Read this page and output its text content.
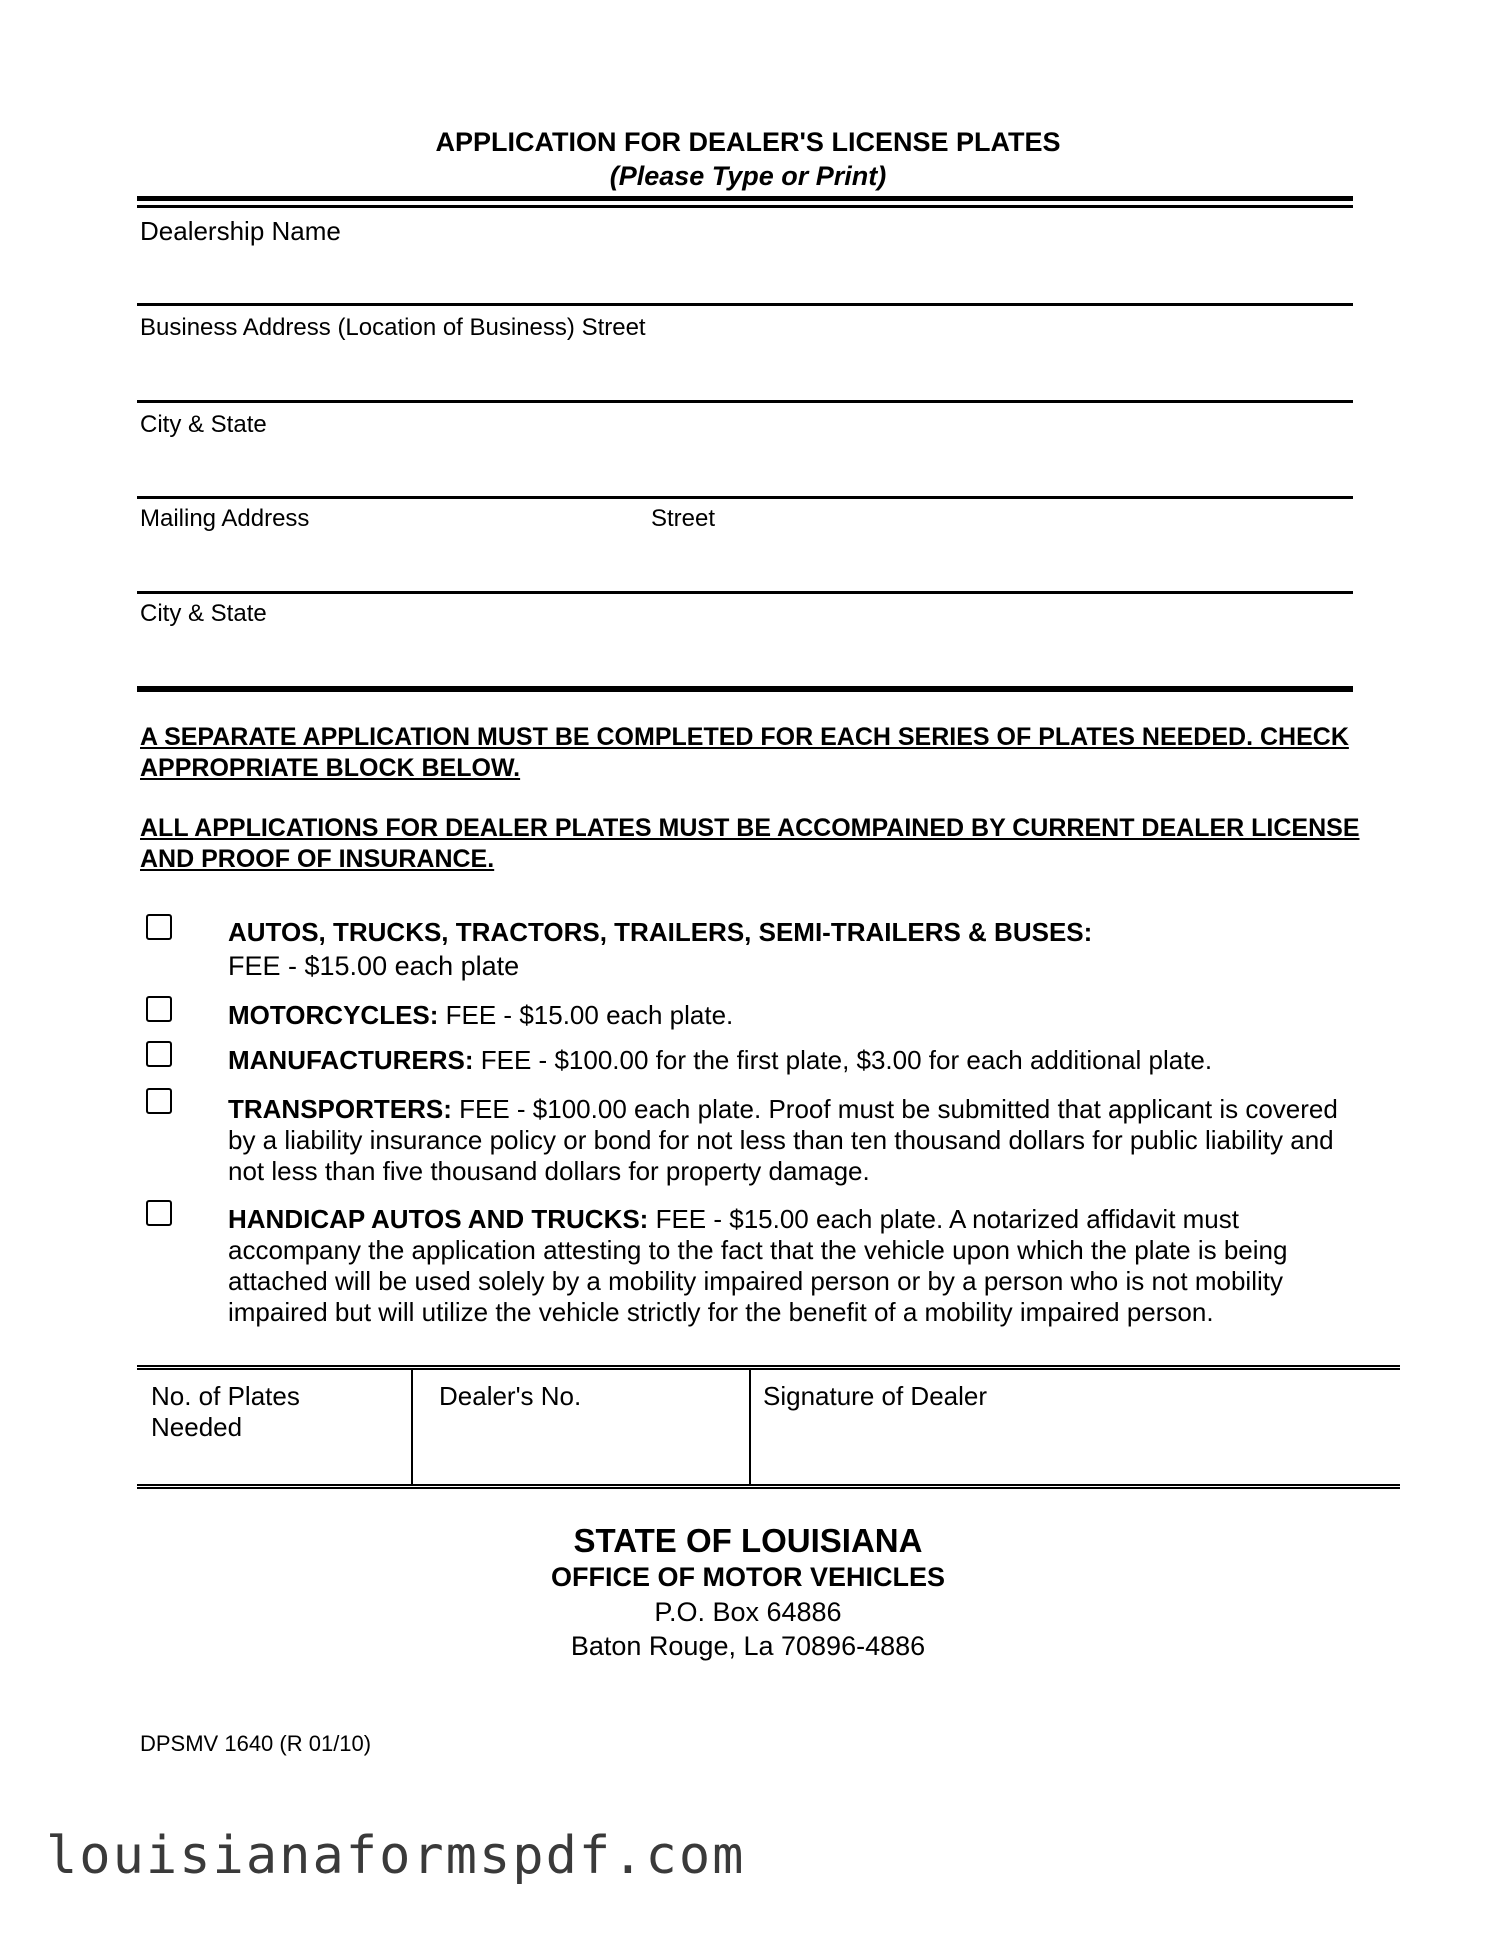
APPLICATION FOR DEALER'S LICENSE PLATES
(Please Type or Print)
Dealership Name
Business Address (Location of Business) Street
City & State
Mailing Address	Street
City & State
A SEPARATE APPLICATION MUST BE COMPLETED FOR EACH SERIES OF PLATES NEEDED. CHECK APPROPRIATE BLOCK BELOW.
ALL APPLICATIONS FOR DEALER PLATES MUST BE ACCOMPAINED BY CURRENT DEALER LICENSE AND PROOF OF INSURANCE.
AUTOS, TRUCKS, TRACTORS, TRAILERS, SEMI-TRAILERS & BUSES:
FEE - $15.00 each plate
MOTORCYCLES: FEE - $15.00 each plate.
MANUFACTURERS: FEE - $100.00 for the first plate, $3.00 for each additional plate.
TRANSPORTERS: FEE - $100.00 each plate. Proof must be submitted that applicant is covered by a liability insurance policy or bond for not less than ten thousand dollars for public liability and not less than five thousand dollars for property damage.
HANDICAP AUTOS AND TRUCKS: FEE - $15.00 each plate. A notarized affidavit must accompany the application attesting to the fact that the vehicle upon which the plate is being attached will be used solely by a mobility impaired person or by a person who is not mobility impaired but will utilize the vehicle strictly for the benefit of a mobility impaired person.
No. of Plates Needed
Dealer's No.	Signature of Dealer
STATE OF LOUISIANA
OFFICE OF MOTOR VEHICLES
P.O. Box 64886
Baton Rouge, La 70896-4886
DPSMV 1640 (R 01/10)
louisianaformspdf.com
